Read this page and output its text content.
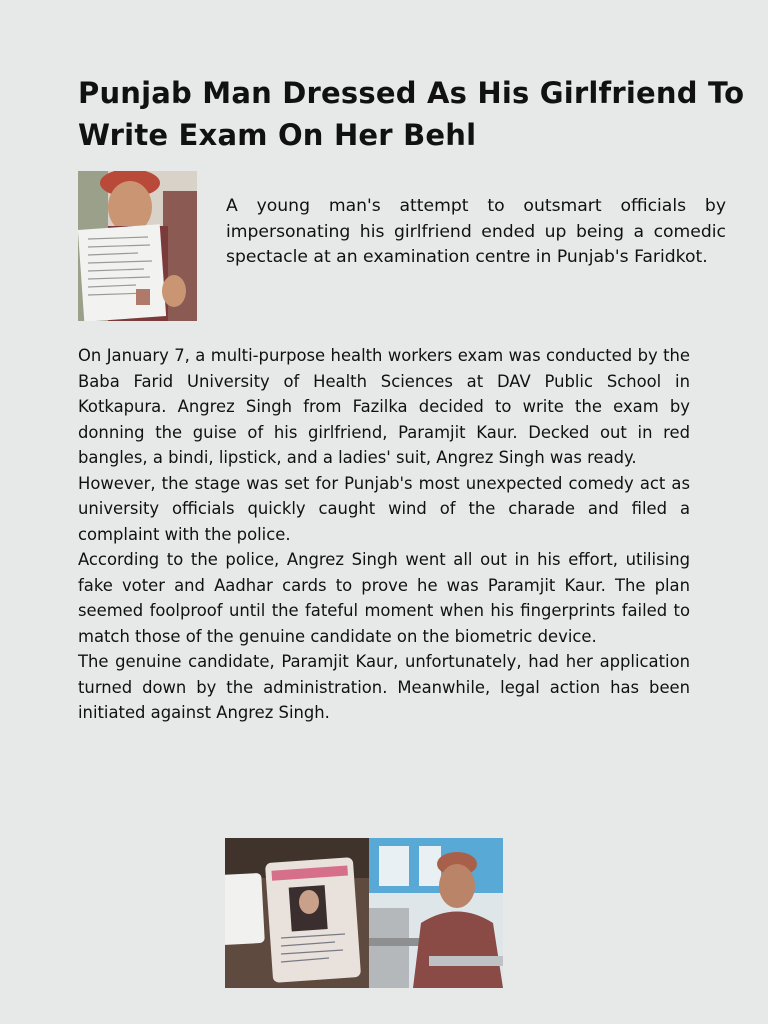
Punjab Man Dressed As His Girlfriend To Write Exam On Her Behl

A young man's attempt to outsmart officials by impersonating his girlfriend ended up being a comedic spectacle at an examination centre in Punjab's Faridkot.

On January 7, a multi-purpose health workers exam was conducted by the Baba Farid University of Health Sciences at DAV Public School in Kotkapura. Angrez Singh from Fazilka decided to write the exam by donning the guise of his girlfriend, Paramjit Kaur. Decked out in red bangles, a bindi, lipstick, and a ladies' suit, Angrez Singh was ready.

However, the stage was set for Punjab's most unexpected comedy act as university officials quickly caught wind of the charade and filed a complaint with the police.

According to the police, Angrez Singh went all out in his effort, utilising fake voter and Aadhar cards to prove he was Paramjit Kaur. The plan seemed foolproof until the fateful moment when his fingerprints failed to match those of the genuine candidate on the biometric device.

The genuine candidate, Paramjit Kaur, unfortunately, had her application turned down by the administration. Meanwhile, legal action has been initiated against Angrez Singh.
